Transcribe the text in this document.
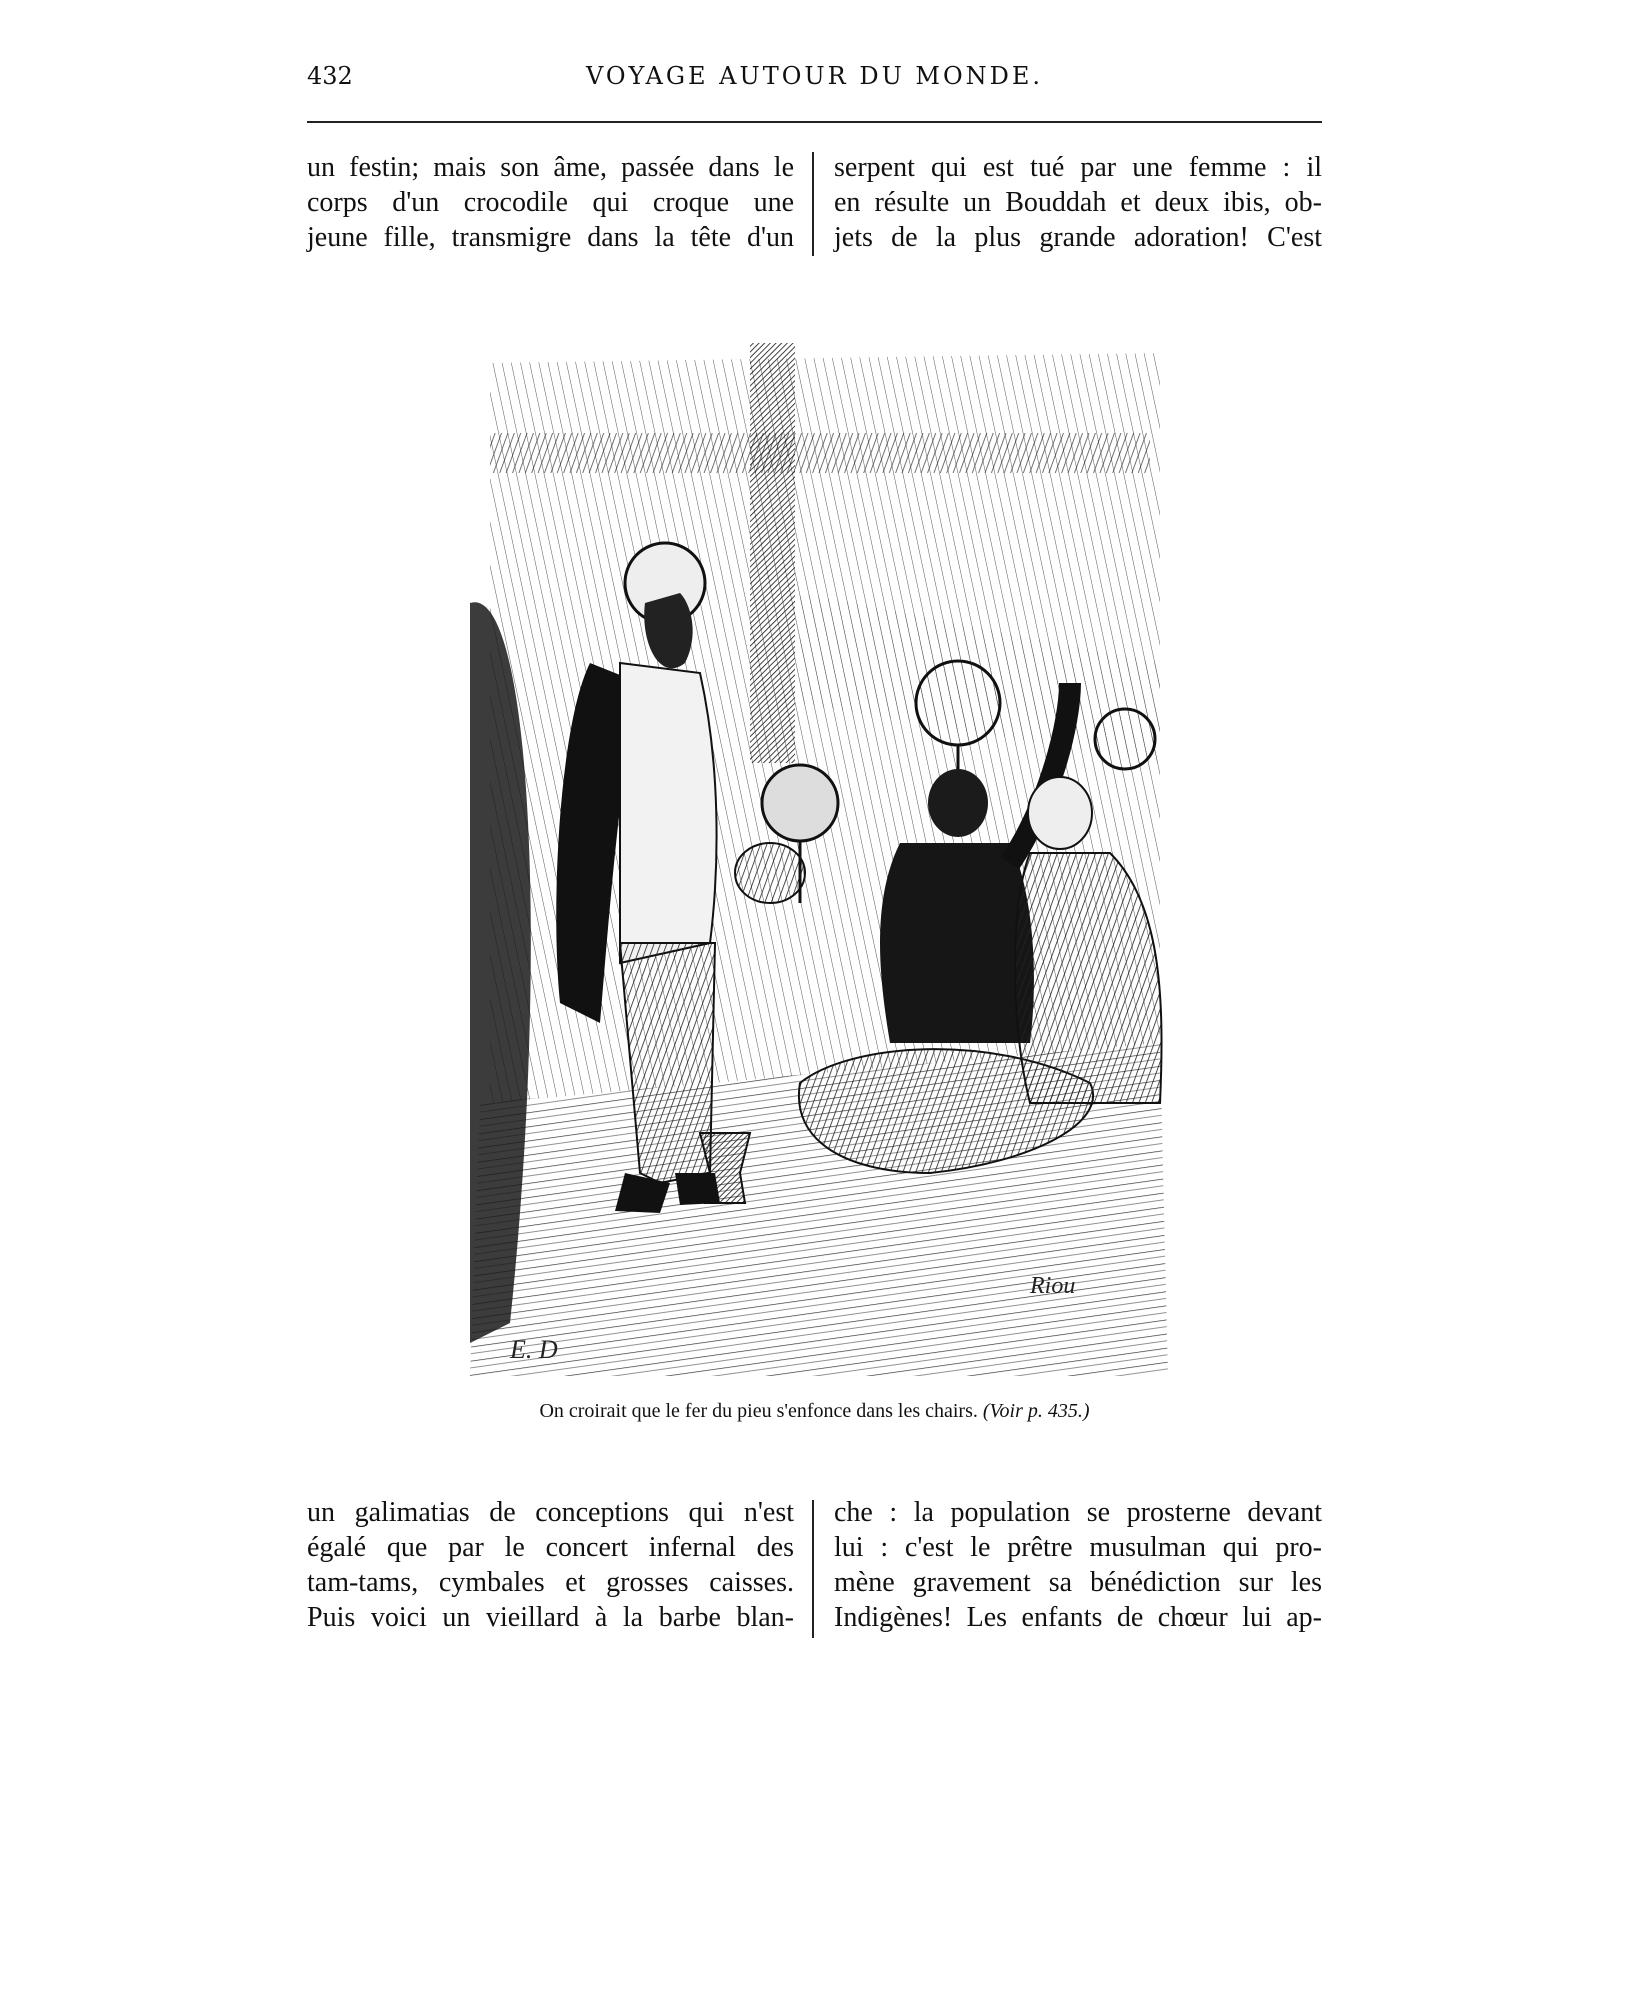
432	VOYAGE AUTOUR DU MONDE.
un festin; mais son âme, passée dans le
corps d'un crocodile qui croque une
jeune fille, transmigre dans la tête d'un
serpent qui est tué par une femme : il
en résulte un Bouddah et deux ibis, ob-
jets de la plus grande adoration! C'est
E. D
Riou
On croirait que le fer du pieu s'enfonce dans les chairs. (Voir p. 435.)
un galimatias de conceptions qui n'est
égalé que par le concert infernal des
tam-tams, cymbales et grosses caisses.
Puis voici un vieillard à la barbe blan-
che : la population se prosterne devant
lui : c'est le prêtre musulman qui pro-
mène gravement sa bénédiction sur les
Indigènes! Les enfants de chœur lui ap-
